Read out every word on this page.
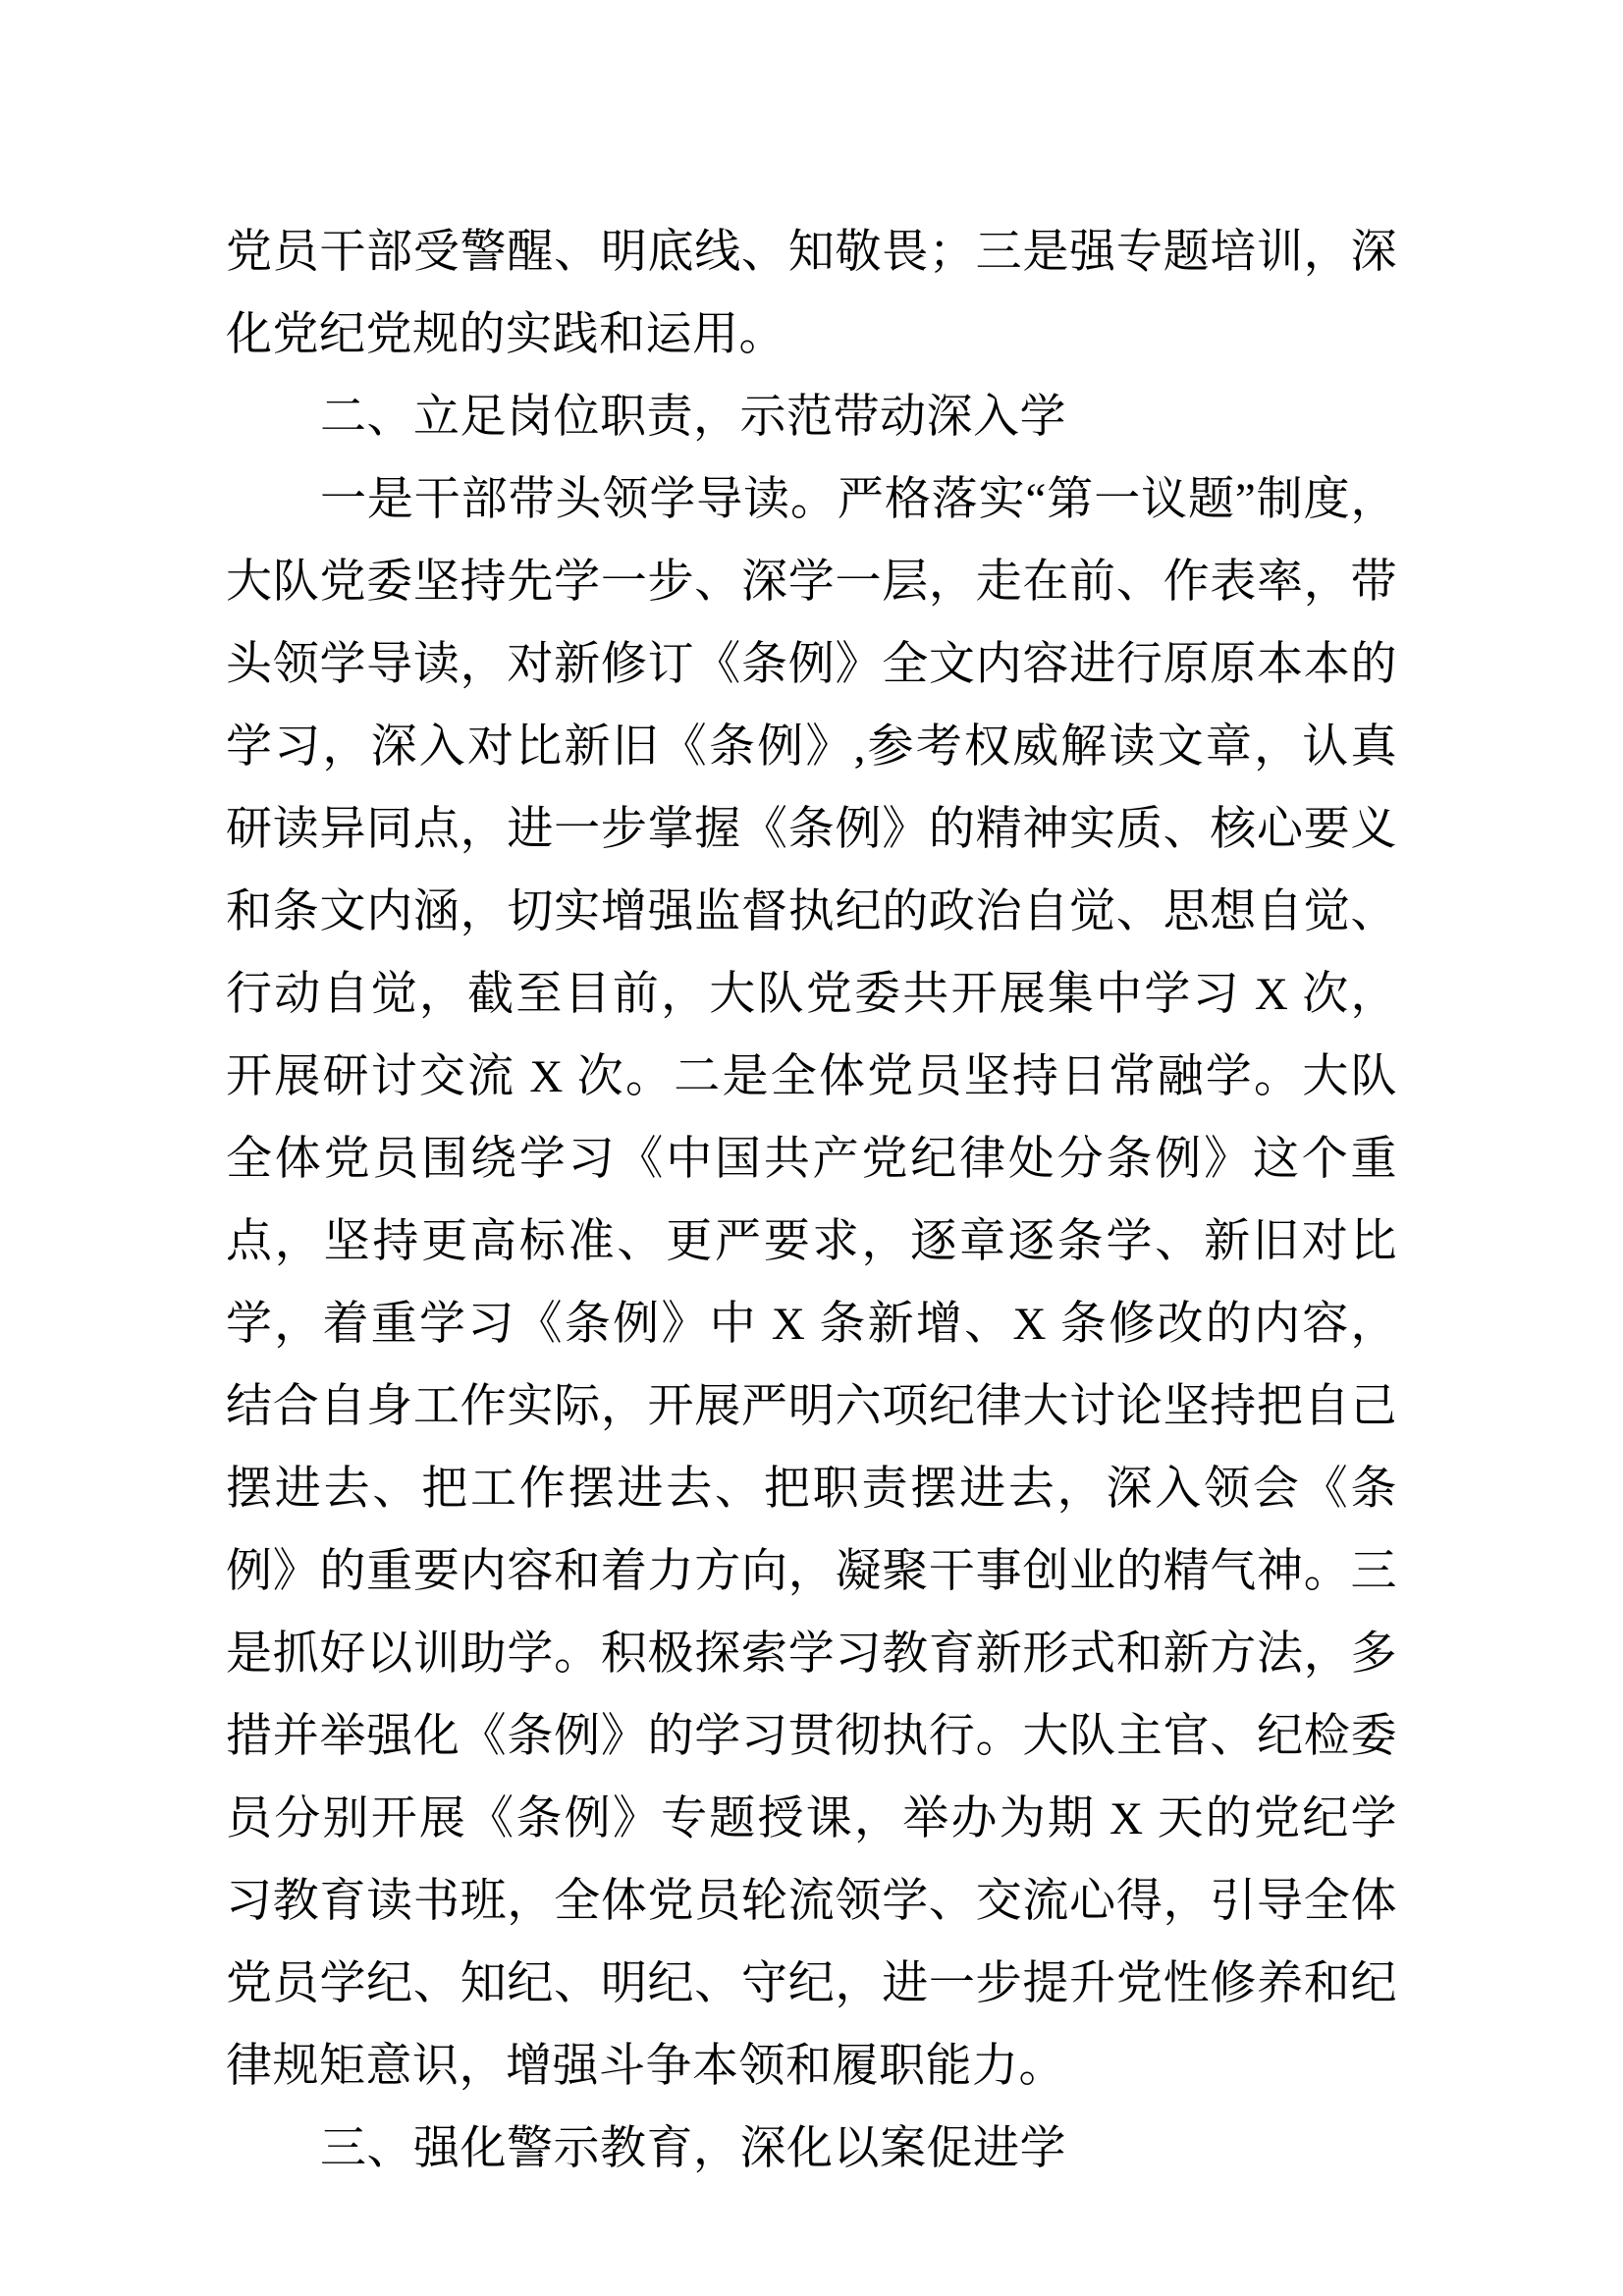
党员干部受警醒、明底线、知敬畏；三是强专题培训，深化党纪党规的实践和运用。

二、立足岗位职责，示范带动深入学

一是干部带头领学导读。严格落实“第一议题”制度，大队党委坚持先学一步、深学一层，走在前、作表率，带头领学导读，对新修订《条例》全文内容进行原原本本的学习，深入对比新旧《条例》,参考权威解读文章，认真研读异同点，进一步掌握《条例》的精神实质、核心要义和条文内涵，切实增强监督执纪的政治自觉、思想自觉、行动自觉，截至目前，大队党委共开展集中学习 X 次，开展研讨交流 X 次。二是全体党员坚持日常融学。大队全体党员围绕学习《中国共产党纪律处分条例》这个重点，坚持更高标准、更严要求，逐章逐条学、新旧对比学，着重学习《条例》中 X 条新增、X 条修改的内容，结合自身工作实际，开展严明六项纪律大讨论坚持把自己摆进去、把工作摆进去、把职责摆进去，深入领会《条例》的重要内容和着力方向，凝聚干事创业的精气神。三是抓好以训助学。积极探索学习教育新形式和新方法，多措并举强化《条例》的学习贯彻执行。大队主官、纪检委员分别开展《条例》专题授课，举办为期 X 天的党纪学习教育读书班，全体党员轮流领学、交流心得，引导全体党员学纪、知纪、明纪、守纪，进一步提升党性修养和纪律规矩意识，增强斗争本领和履职能力。

三、强化警示教育，深化以案促进学
